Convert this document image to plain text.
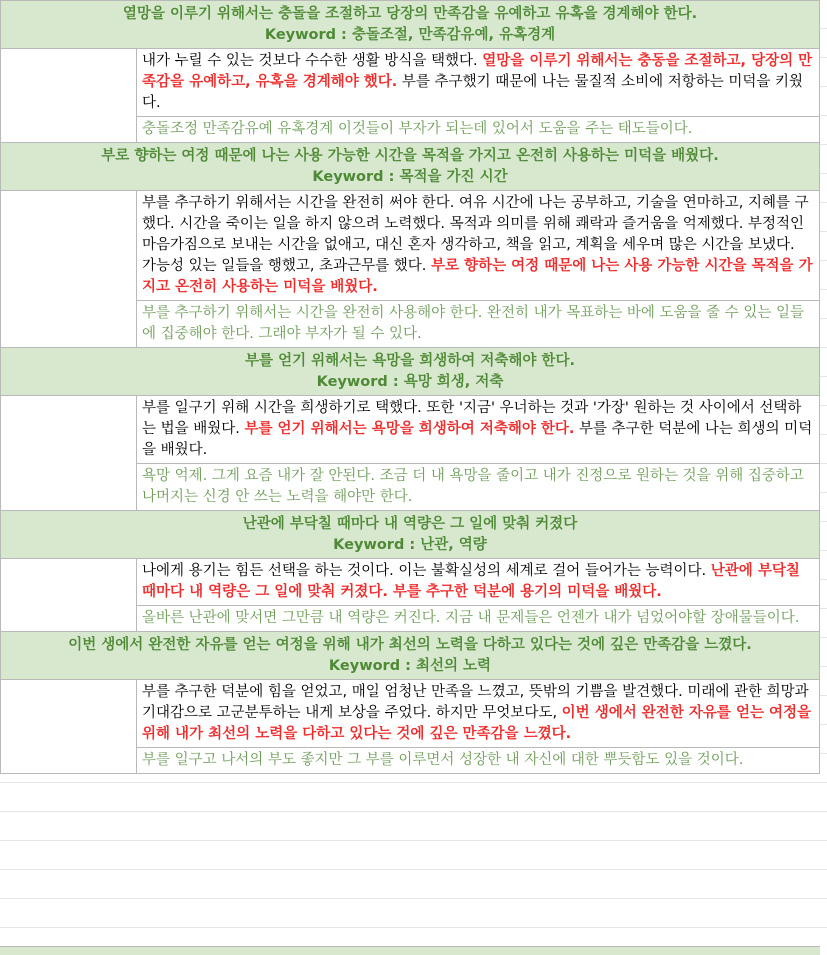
열망을 이루기 위해서는 충돌을 조절하고 당장의 만족감을 유예하고 유혹을 경계해야 한다.
Keyword : 충돌조절, 만족감유예, 유혹경계	

	내가 누릴 수 있는 것보다 수수한 생활 방식을 택했다. 열망을 이루기 위해서는 충동을 조절하고, 당장의 만족감을 유예하고, 유혹을 경계해야 했다. 부를 추구했기 때문에 나는 물질적 소비에 저항하는 미덕을 키웠다.
	충돌조정 만족감유예 유혹경계 이것들이 부자가 되는데 있어서 도움을 주는 태도들이다.

부로 향하는 여정 때문에 나는 사용 가능한 시간을 목적을 가지고 온전히 사용하는 미덕을 배웠다.
Keyword : 목적을 가진 시간	

	부를 추구하기 위해서는 시간을 완전히 써야 한다. 여유 시간에 나는 공부하고, 기술을 연마하고, 지혜를 구했다. 시간을 죽이는 일을 하지 않으려 노력했다. 목적과 의미를 위해 쾌락과 즐거움을 억제했다. 부정적인 마음가짐으로 보내는 시간을 없애고, 대신 혼자 생각하고, 책을 읽고, 계획을 세우며 많은 시간을 보냈다. 가능성 있는 일들을 행했고, 초과근무를 했다. 부로 향하는 여정 때문에 나는 사용 가능한 시간을 목적을 가지고 온전히 사용하는 미덕을 배웠다.
	부를 추구하기 위해서는 시간을 완전히 사용해야 한다. 완전히 내가 목표하는 바에 도움을 줄 수 있는 일들에 집중해야 한다. 그래야 부자가 될 수 있다.

부를 얻기 위해서는 욕망을 희생하여 저축해야 한다.
Keyword : 욕망 희생, 저축	

	부를 일구기 위해 시간을 희생하기로 택했다. 또한 '지금' 우너하는 것과 '가장' 원하는 것 사이에서 선택하는 법을 배웠다. 부를 얻기 위해서는 욕망을 희생하여 저축해야 한다. 부를 추구한 덕분에 나는 희생의 미덕을 배웠다.
	욕망 억제. 그게 요즘 내가 잘 안된다. 조금 더 내 욕망을 줄이고 내가 진정으로 원하는 것을 위해 집중하고 나머지는 신경 안 쓰는 노력을 해야만 한다.

난관에 부닥칠 때마다 내 역량은 그 일에 맞춰 커졌다
Keyword : 난관, 역량	

	나에게 용기는 힘든 선택을 하는 것이다. 이는 불확실성의 세계로 걸어 들어가는 능력이다. 난관에 부닥칠 때마다 내 역량은 그 일에 맞춰 커졌다. 부를 추구한 덕분에 용기의 미덕을 배웠다.
	올바른 난관에 맞서면 그만큼 내 역량은 커진다. 지금 내 문제들은 언젠가 내가 넘었어야할 장애물들이다.

이번 생에서 완전한 자유를 얻는 여정을 위해 내가 최선의 노력을 다하고 있다는 것에 깊은 만족감을 느꼈다.
Keyword : 최선의 노력	

	부를 추구한 덕분에 힘을 얻었고, 매일 엄청난 만족을 느꼈고, 뜻밖의 기쁨을 발견했다. 미래에 관한 희망과 기대감으로 고군분투하는 내게 보상을 주었다. 하지만 무엇보다도, 이번 생에서 완전한 자유를 얻는 여정을 위해 내가 최선의 노력을 다하고 있다는 것에 깊은 만족감을 느꼈다.
	부를 일구고 나서의 부도 좋지만 그 부를 이루면서 성장한 내 자신에 대한 뿌듯함도 있을 것이다.
